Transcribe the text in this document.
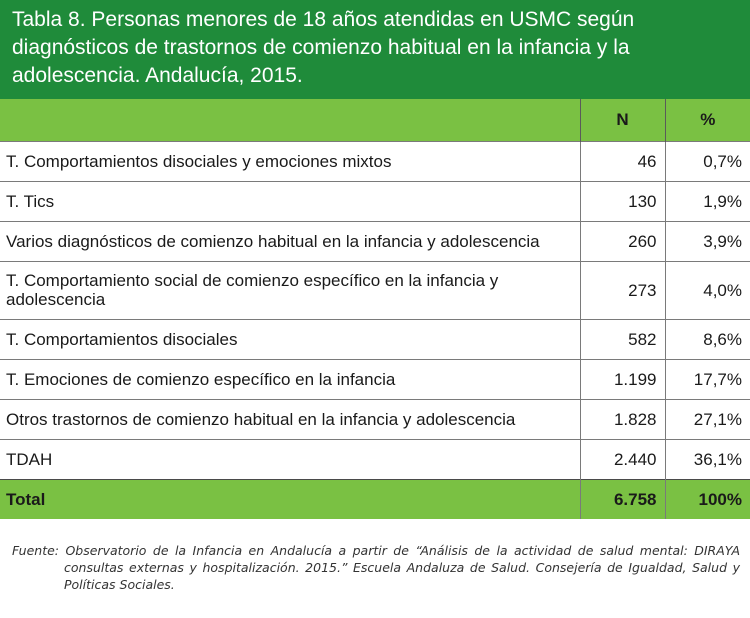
Tabla 8. Personas menores de 18 años atendidas en USMC según diagnósticos de trastornos de comienzo habitual en la infancia y la adolescencia. Andalucía, 2015.
	N	%
T. Comportamientos disociales y emociones mixtos	46	0,7%
T. Tics	130	1,9%
Varios diagnósticos de comienzo habitual en la infancia y adolescencia	260	3,9%
T. Comportamiento social de comienzo específico en la infancia y adolescencia	273	4,0%
T. Comportamientos disociales	582	8,6%
T. Emociones de comienzo específico en la infancia	1.199	17,7%
Otros trastornos de comienzo habitual en la infancia y adolescencia	1.828	27,1%
TDAH	2.440	36,1%
Total	6.758	100%
Fuente: Observatorio de la Infancia en Andalucía a partir de “Análisis de la actividad de salud mental: DIRAYA consultas externas y hospitalización. 2015.” Escuela Andaluza de Salud. Consejería de Igualdad, Salud y Políticas Sociales.
